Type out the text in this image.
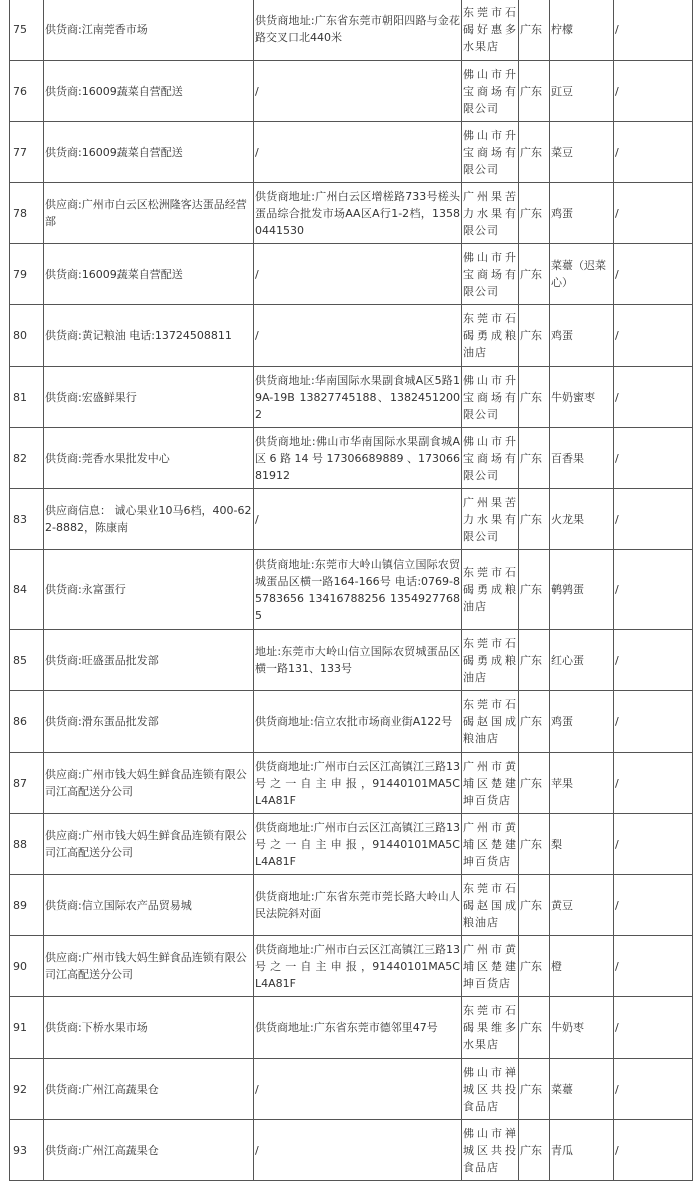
75	供货商:江南莞香市场	供货商地址:广东省东莞市朝阳四路与金花路交叉口北440米	东莞市石碣好惠多水果店	广东	柠檬	/
76	供货商:16009蔬菜自营配送	/	佛山市升宝商场有限公司	广东	豇豆	/
77	供货商:16009蔬菜自营配送	/	佛山市升宝商场有限公司	广东	菜豆	/
78	供应商:广州市白云区松洲隆客达蛋品经营部	供货商地址:广州白云区增槎路733号槎头蛋品综合批发市场AA区A行1-2档，13580441530	广州果苦力水果有限公司	广东	鸡蛋	/
79	供货商:16009蔬菜自营配送	/	佛山市升宝商场有限公司	广东	菜薹（迟菜心）	/
80	供货商:黄记粮油 电话:13724508811	/	东莞市石碣勇成粮油店	广东	鸡蛋	/
81	供货商:宏盛鲜果行	供货商地址:华南国际水果副食城A区5路19A-19B 13827745188、13824512002	佛山市升宝商场有限公司	广东	牛奶蜜枣	/
82	供货商:莞香水果批发中心	供货商地址:佛山市华南国际水果副食城A区 6 路 14 号 17306689889 、17306681912	佛山市升宝商场有限公司	广东	百香果	/
83	供应商信息： 诚心果业10马6档，400-622-8882，陈康南	/	广州果苦力水果有限公司	广东	火龙果	/
84	供货商:永富蛋行	供货商地址:东莞市大岭山镇信立国际农贸城蛋品区横一路164-166号 电话:0769-85783656 13416788256 13549277685	东莞市石碣勇成粮油店	广东	鹌鹑蛋	/
85	供货商:旺盛蛋品批发部	地址:东莞市大岭山信立国际农贸城蛋品区横一路131、133号	东莞市石碣勇成粮油店	广东	红心蛋	/
86	供货商:滑东蛋品批发部	供货商地址:信立农批市场商业街A122号	东莞市石碣赵国成粮油店	广东	鸡蛋	/
87	供应商:广州市钱大妈生鲜食品连锁有限公司江高配送分公司	供货商地址:广州市白云区江高镇江三路13号 之 一 自 主 申 报 ，91440101MA5CL4A81F	广州市黄埔区楚建坤百货店	广东	苹果	/
88	供应商:广州市钱大妈生鲜食品连锁有限公司江高配送分公司	供货商地址:广州市白云区江高镇江三路13号 之 一 自 主 申 报 ，91440101MA5CL4A81F	广州市黄埔区楚建坤百货店	广东	梨	/
89	供货商:信立国际农产品贸易城	供货商地址:广东省东莞市莞长路大岭山人民法院斜对面	东莞市石碣赵国成粮油店	广东	黄豆	/
90	供应商:广州市钱大妈生鲜食品连锁有限公司江高配送分公司	供货商地址:广州市白云区江高镇江三路13号 之 一 自 主 申 报 ，91440101MA5CL4A81F	广州市黄埔区楚建坤百货店	广东	橙	/
91	供货商:下桥水果市场	供货商地址:广东省东莞市德邻里47号	东莞市石碣果维多水果店	广东	牛奶枣	/
92	供货商:广州江高蔬果仓	/	佛山市禅城区共投食品店	广东	菜薹	/
93	供货商:广州江高蔬果仓	/	佛山市禅城区共投食品店	广东	青瓜	/
